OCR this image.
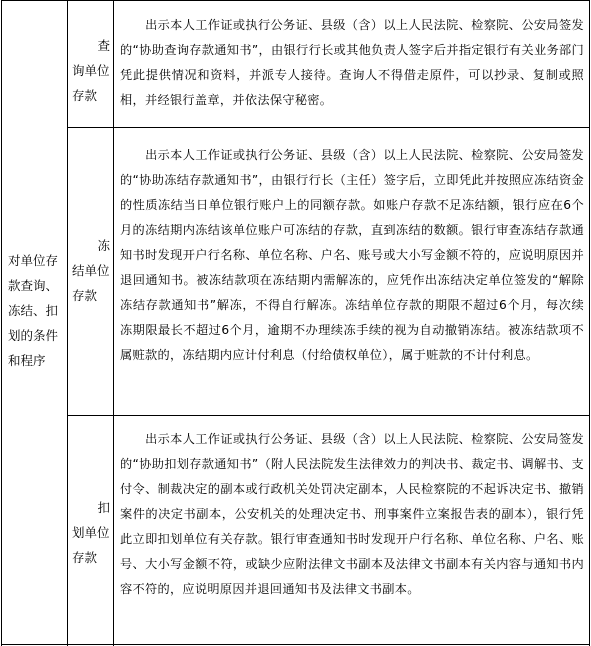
对单位存款查询、冻结、扣划的条件和程序
查
询单位存款

　　出示本人工作证或执行公务证、县级（含）以上人民法院、检察院、公安局签发的“协助查询存款通知书”，由银行行长或其他负责人签字后并指定银行有关业务部门凭此提供情况和资料，并派专人接待。查询人不得借走原件，可以抄录、复制或照相，并经银行盖章，并依法保守秘密。

冻
结单位存款

　　出示本人工作证或执行公务证、县级（含）以上人民法院、检察院、公安局签发的“协助冻结存款通知书”，由银行行长（主任）签字后，立即凭此并按照应冻结资金的性质冻结当日单位银行账户上的同额存款。如账户存款不足冻结额，银行应在6个月的冻结期内冻结该单位账户可冻结的存款，直到冻结的数额。银行审查冻结存款通知书时发现开户行名称、单位名称、户名、账号或大小写金额不符的，应说明原因并退回通知书。被冻结款项在冻结期内需解冻的，应凭作出冻结决定单位签发的“解除冻结存款通知书”解冻，不得自行解冻。冻结单位存款的期限不超过6个月，每次续冻期限最长不超过6个月，逾期不办理续冻手续的视为自动撤销冻结。被冻结款项不属赃款的，冻结期内应计付利息（付给债权单位），属于赃款的不计付利息。

扣
划单位存款

　　出示本人工作证或执行公务证、县级（含）以上人民法院、检察院、公安局签发的“协助扣划存款通知书”（附人民法院发生法律效力的判决书、裁定书、调解书、支付令、制裁决定的副本或行政机关处罚决定副本，人民检察院的不起诉决定书、撤销案件的决定书副本，公安机关的处理决定书、刑事案件立案报告表的副本），银行凭此立即扣划单位有关存款。银行审查通知书时发现开户行名称、单位名称、户名、账号、大小写金额不符，或缺少应附法律文书副本及法律文书副本有关内容与通知书内容不符的，应说明原因并退回通知书及法律文书副本。
